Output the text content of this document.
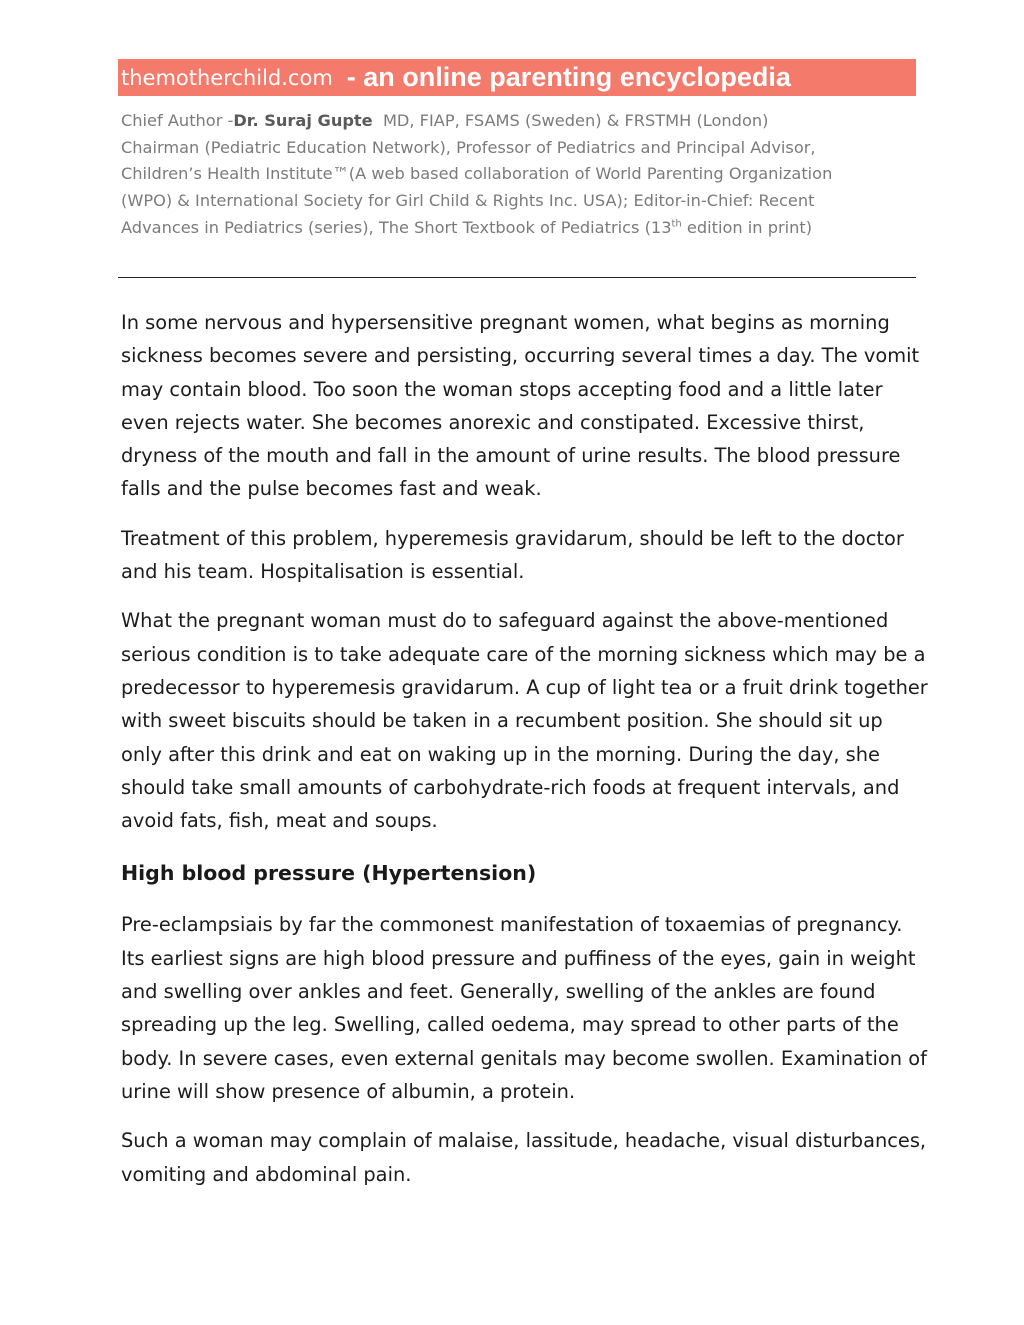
themotherchild.com - an online parenting encyclopedia
Chief Author -Dr. Suraj Gupte MD, FIAP, FSAMS (Sweden) & FRSTMH (London)
Chairman (Pediatric Education Network), Professor of Pediatrics and Principal Advisor,
Children’s Health Institute™(A web based collaboration of World Parenting Organization
(WPO) & International Society for Girl Child & Rights Inc. USA); Editor-in-Chief: Recent
Advances in Pediatrics (series), The Short Textbook of Pediatrics (13th edition in print)

In some nervous and hypersensitive pregnant women, what begins as morning
sickness becomes severe and persisting, occurring several times a day. The vomit
may contain blood. Too soon the woman stops accepting food and a little later
even rejects water. She becomes anorexic and constipated. Excessive thirst,
dryness of the mouth and fall in the amount of urine results. The blood pressure
falls and the pulse becomes fast and weak.

Treatment of this problem, hyperemesis gravidarum, should be left to the doctor
and his team. Hospitalisation is essential.

What the pregnant woman must do to safeguard against the above-mentioned
serious condition is to take adequate care of the morning sickness which may be a
predecessor to hyperemesis gravidarum. A cup of light tea or a fruit drink together
with sweet biscuits should be taken in a recumbent position. She should sit up
only after this drink and eat on waking up in the morning. During the day, she
should take small amounts of carbohydrate-rich foods at frequent intervals, and
avoid fats, fish, meat and soups.

High blood pressure (Hypertension)

Pre-eclampsiais by far the commonest manifestation of toxaemias of pregnancy.
Its earliest signs are high blood pressure and puffiness of the eyes, gain in weight
and swelling over ankles and feet. Generally, swelling of the ankles are found
spreading up the leg. Swelling, called oedema, may spread to other parts of the
body. In severe cases, even external genitals may become swollen. Examination of
urine will show presence of albumin, a protein.

Such a woman may complain of malaise, lassitude, headache, visual disturbances,
vomiting and abdominal pain.
